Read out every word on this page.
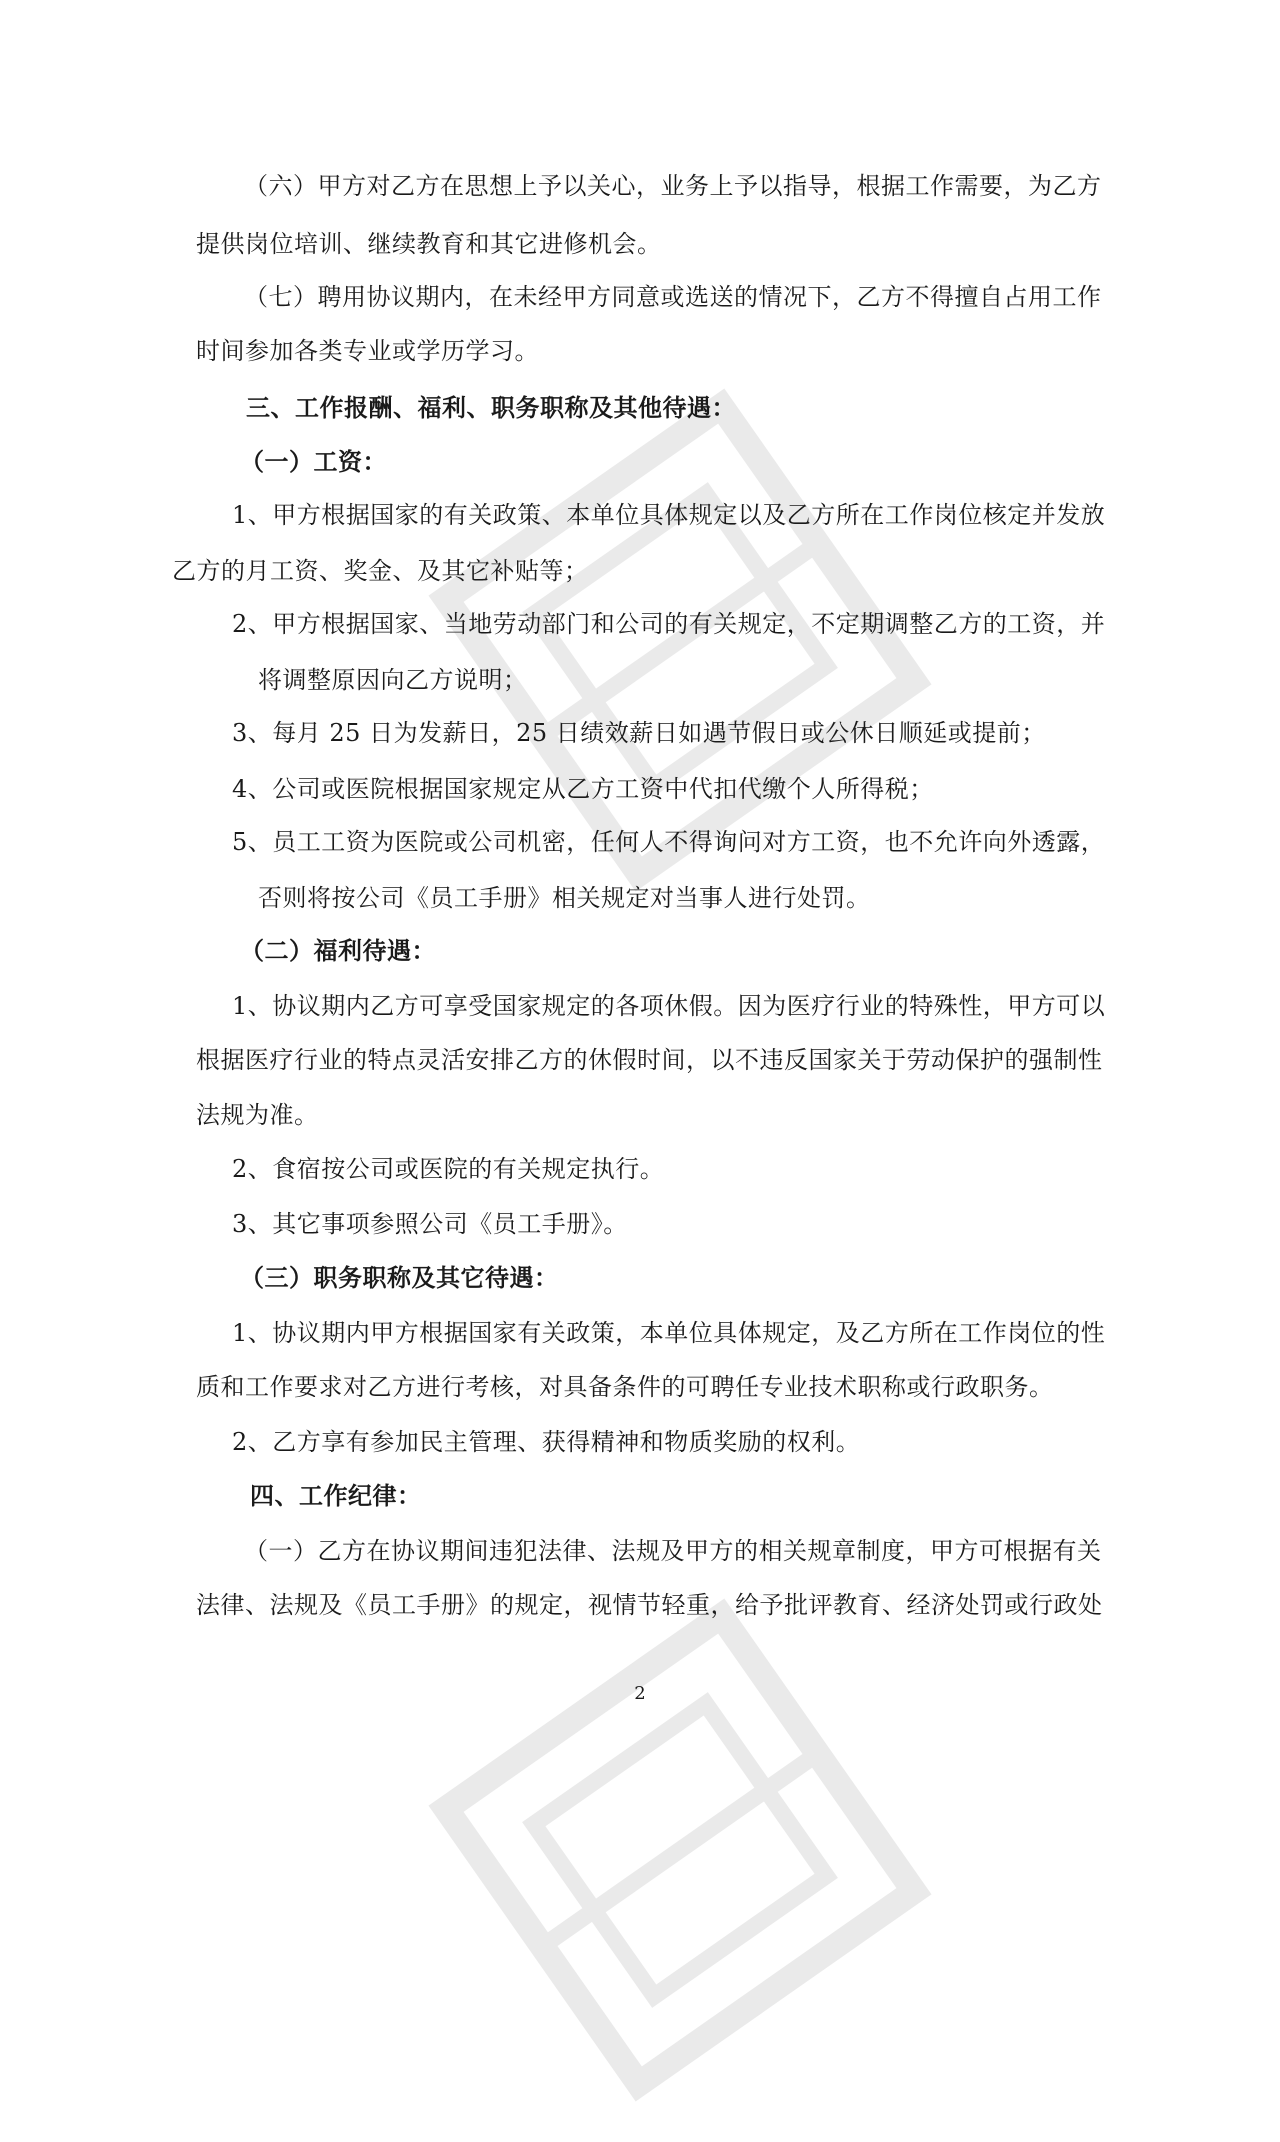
（六）甲方对乙方在思想上予以关心，业务上予以指导，根据工作需要，为乙方
提供岗位培训、继续教育和其它进修机会。
（七）聘用协议期内，在未经甲方同意或选送的情况下，乙方不得擅自占用工作
时间参加各类专业或学历学习。
三、工作报酬、福利、职务职称及其他待遇：
（一）工资：
1、甲方根据国家的有关政策、本单位具体规定以及乙方所在工作岗位核定并发放
乙方的月工资、奖金、及其它补贴等；
2、甲方根据国家、当地劳动部门和公司的有关规定，不定期调整乙方的工资，并
将调整原因向乙方说明；
3、每月 25 日为发薪日，25 日绩效薪日如遇节假日或公休日顺延或提前；
4、公司或医院根据国家规定从乙方工资中代扣代缴个人所得税；
5、员工工资为医院或公司机密，任何人不得询问对方工资，也不允许向外透露，
否则将按公司《员工手册》相关规定对当事人进行处罚。
（二）福利待遇：
1、协议期内乙方可享受国家规定的各项休假。因为医疗行业的特殊性，甲方可以
根据医疗行业的特点灵活安排乙方的休假时间，以不违反国家关于劳动保护的强制性
法规为准。
2、食宿按公司或医院的有关规定执行。
3、其它事项参照公司《员工手册》。
（三）职务职称及其它待遇：
1、协议期内甲方根据国家有关政策，本单位具体规定，及乙方所在工作岗位的性
质和工作要求对乙方进行考核，对具备条件的可聘任专业技术职称或行政职务。
2、乙方享有参加民主管理、获得精神和物质奖励的权利。
四、工作纪律：
（一）乙方在协议期间违犯法律、法规及甲方的相关规章制度，甲方可根据有关
法律、法规及《员工手册》的规定，视情节轻重，给予批评教育、经济处罚或行政处
2
